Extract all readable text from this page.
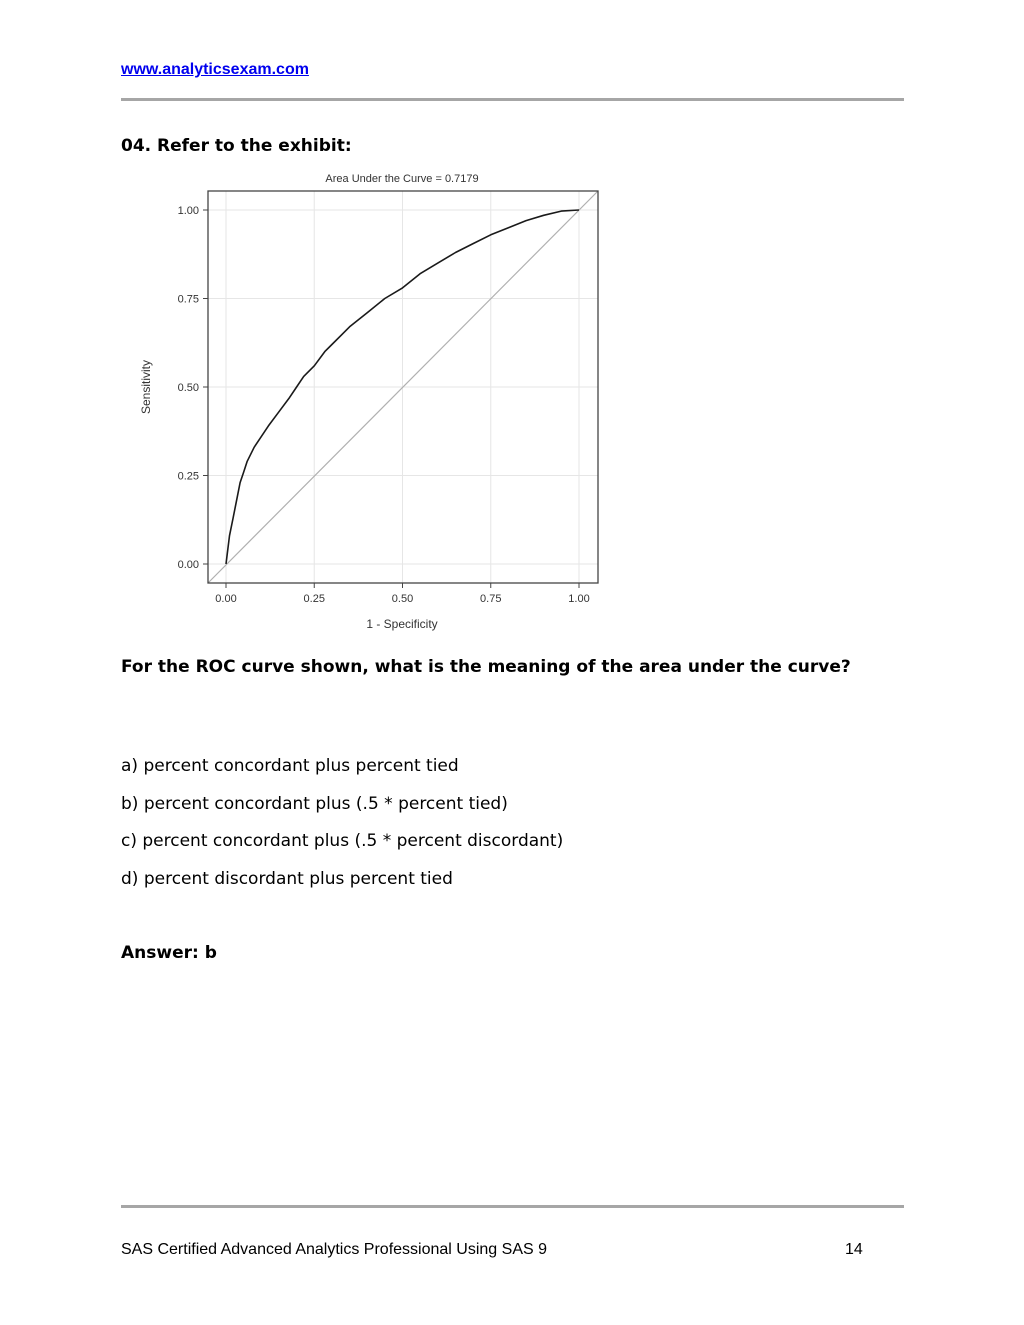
www.analyticsexam.com
04. Refer to the exhibit:
Area Under the Curve = 0.7179
0.00	0.25	0.50	0.75	1.00
0.00
0.25
0.50
0.75
1.00
1 - Specificity
Sensitivity
For the ROC curve shown, what is the meaning of the area under the curve?
a) percent concordant plus percent tied
b) percent concordant plus (.5 * percent tied)
c) percent concordant plus (.5 * percent discordant)
d) percent discordant plus percent tied
Answer: b
SAS Certified Advanced Analytics Professional Using SAS 9	14
